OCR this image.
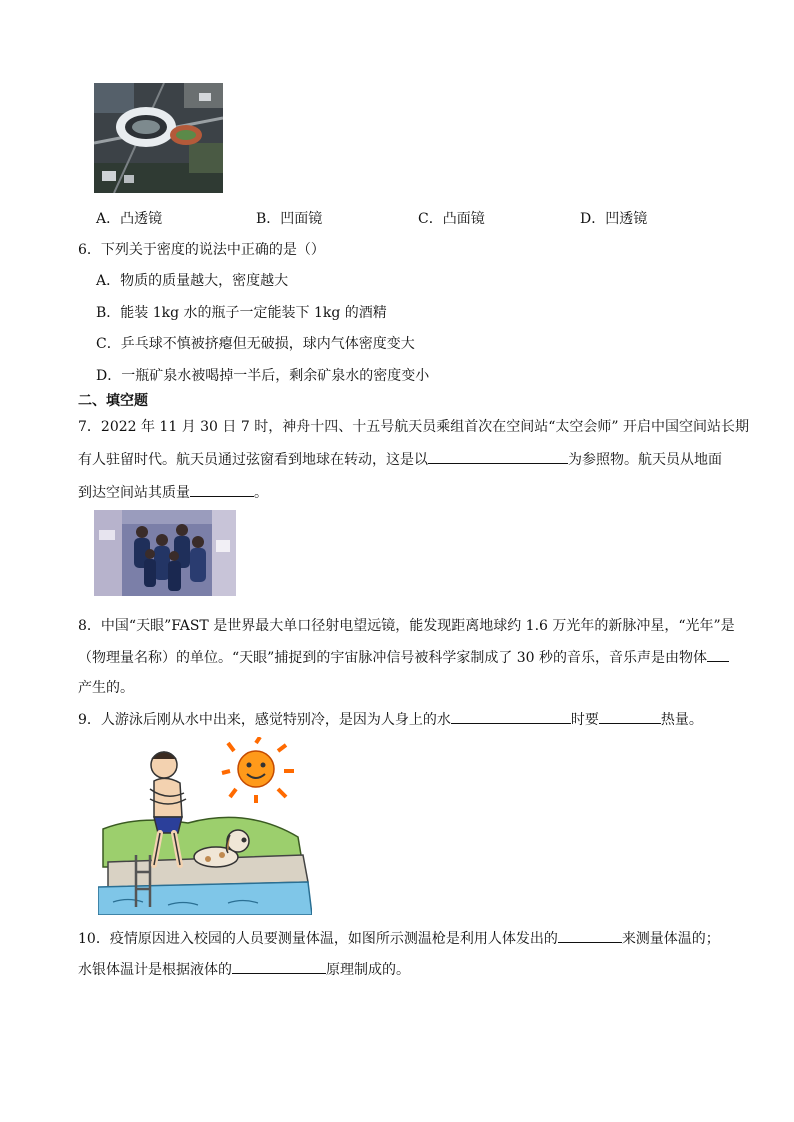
A．凸透镜	B．凹面镜	C．凸面镜	D．凹透镜
6．下列关于密度的说法中正确的是（）
A．物质的质量越大，密度越大
B．能装 1kg 水的瓶子一定能装下 1kg 的酒精
C．乒乓球不慎被挤瘪但无破损，球内气体密度变大
D．一瓶矿泉水被喝掉一半后，剩余矿泉水的密度变小
二、填空题
7．2022 年 11 月 30 日 7 时，神舟十四、十五号航天员乘组首次在空间站“太空会师” 开启中国空间站长期
有人驻留时代。航天员通过弦窗看到地球在转动，这是以	为参照物。航天员从地面
到达空间站其质量	。
8．中国“天眼”FAST 是世界最大单口径射电望远镜，能发现距离地球约 1.6 万光年的新脉冲星，“光年”是
（物理量名称）的单位。“天眼”捕捉到的宇宙脉冲信号被科学家制成了 30 秒的音乐，音乐声是由物体
产生的。
9．人游泳后刚从水中出来，感觉特别冷，是因为人身上的水	时要	热量。
10．疫情原因进入校园的人员要测量体温，如图所示测温枪是利用人体发出的	来测量体温的；
水银体温计是根据液体的	原理制成的。
